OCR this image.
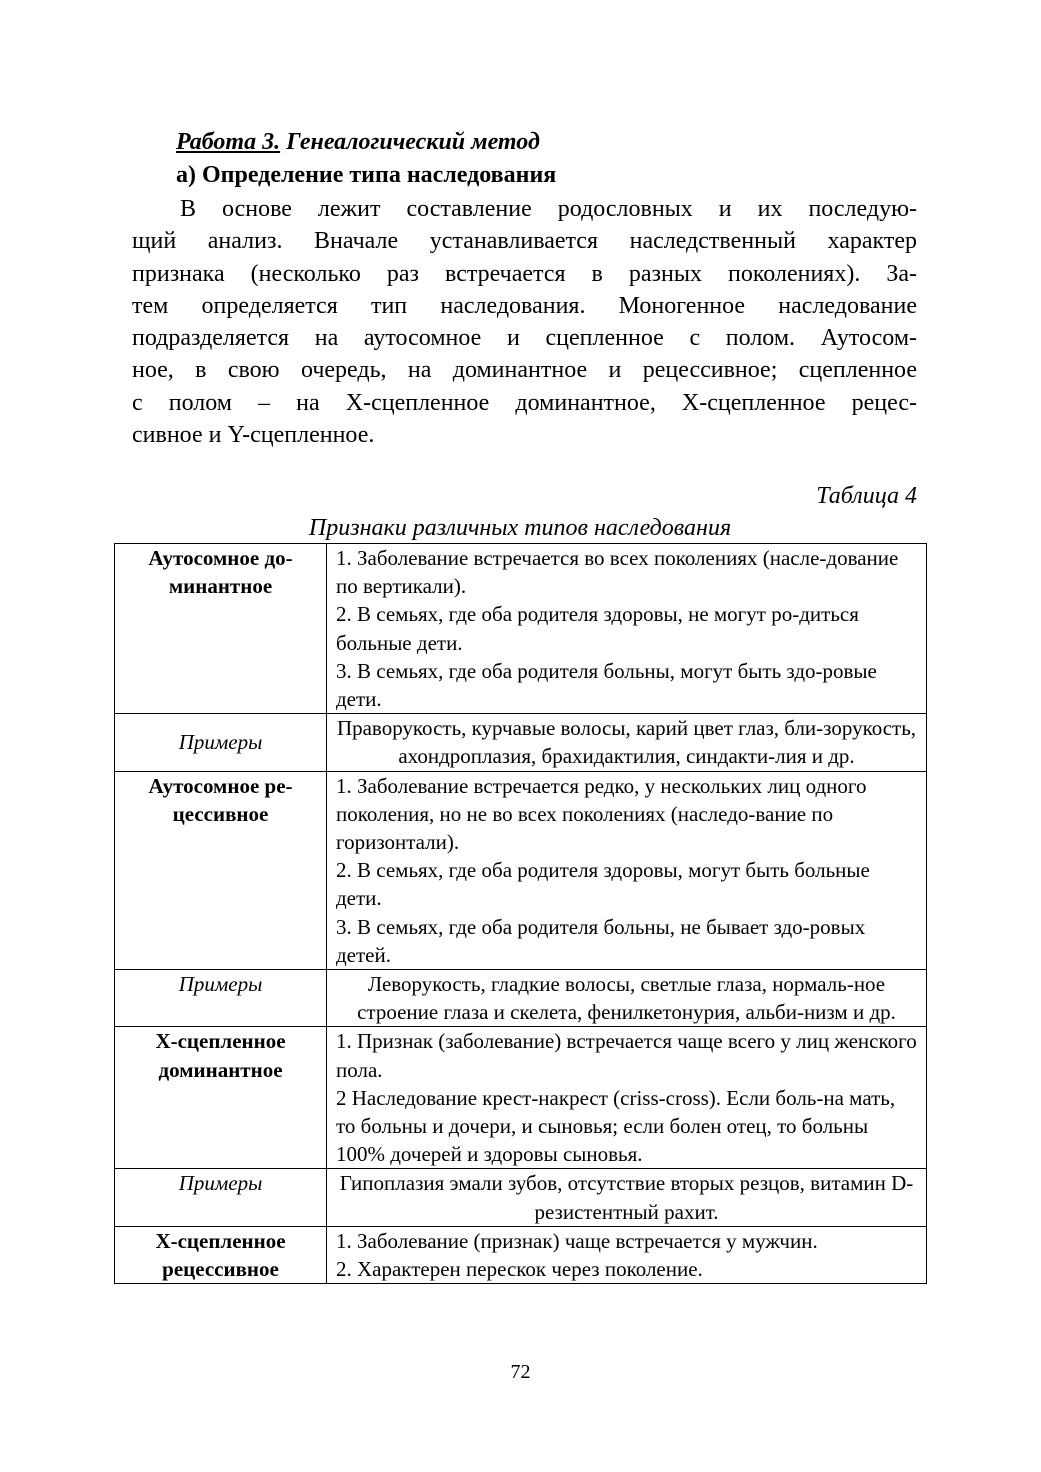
Работа 3. Генеалогический метод
а) Определение типа наследования
В основе лежит составление родословных и их последую-
щий анализ. Вначале устанавливается наследственный характер
признака (несколько раз встречается в разных поколениях). За-
тем определяется тип наследования. Моногенное наследование
подразделяется на аутосомное и сцепленное с полом. Аутосом-
ное, в свою очередь, на доминантное и рецессивное; сцепленное
с полом – на Х-сцепленное доминантное, Х-сцепленное рецес-
сивное и Y-сцепленное.
Таблица 4
Признаки различных типов наследования
Аутосомное до-
минантное	1. Заболевание встречается во всех поколениях (насле-дование по вертикали).
2. В семьях, где оба родителя здоровы, не могут ро-диться больные дети.
3. В семьях, где оба родителя больны, могут быть здо-ровые дети.

Примеры	Праворукость, курчавые волосы, карий цвет глаз, бли-зорукость, ахондроплазия, брахидактилия, синдакти-лия и др.
Аутосомное ре-
цессивное	1. Заболевание встречается редко, у нескольких лиц одного поколения, но не во всех поколениях (наследо-вание по горизонтали).
2. В семьях, где оба родителя здоровы, могут быть больные дети.
3. В семьях, где оба родителя больны, не бывает здо-ровых детей.

Примеры	Леворукость, гладкие волосы, светлые глаза, нормаль-ное строение глаза и скелета, фенилкетонурия, альби-низм и др.
Х-сцепленное
доминантное	1. Признак (заболевание) встречается чаще всего у лиц женского пола.
2 Наследование крест-накрест (criss-cross). Если боль-на мать, то больны и дочери, и сыновья; если болен отец, то больны 100% дочерей и здоровы сыновья.

Примеры	Гипоплазия эмали зубов, отсутствие вторых резцов, витамин D-резистентный рахит.
Х-сцепленное
рецессивное	1. Заболевание (признак) чаще встречается у мужчин.
2. Характерен перескок через поколение.
72
